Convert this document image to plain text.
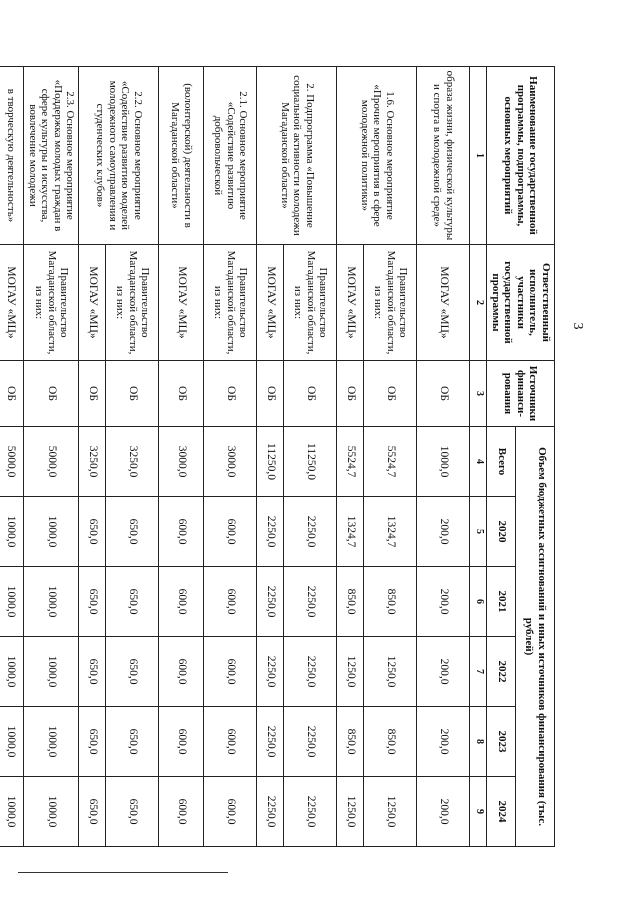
3
Наименование государственной программы, подпрограммы, основных мероприятий	Ответственный исполнитель, участники государственной программы	Источники финанси-рования	Объем бюджетных ассигнований и иных источников финансирования (тыс. рублей)					
			Всего	2020	2021	2022	2023	2024
1	2	3	4	5	6	7	8	9
образа жизни, физической культуры и спорта в молодежной среде»	МОГАУ «МЦ»	ОБ	1000,0	200,0	200,0	200,0	200,0	200,0
1.6. Основное мероприятие «Прочие мероприятия в сфере молодежной политики»	Правительство Магаданской области, из них:	ОБ	5524,7	1324,7	850,0	1250,0	850,0	1250,0
	МОГАУ «МЦ»	ОБ	5524,7	1324,7	850,0	1250,0	850,0	1250,0
2. Подпрограмма «Повышение социальной активности молодежи Магаданской области»	Правительство Магаданской области, из них:	ОБ	11250,0	2250,0	2250,0	2250,0	2250,0	2250,0
	МОГАУ «МЦ»	ОБ	11250,0	2250,0	2250,0	2250,0	2250,0	2250,0
2.1. Основное мероприятие «Содействие развитию добровольческой	Правительство Магаданской области, из них:	ОБ	3000,0	600,0	600,0	600,0	600,0	600,0
(волонтерской) деятельности в Магаданской области»	МОГАУ «МЦ»	ОБ	3000,0	600,0	600,0	600,0	600,0	600,0
2.2. Основное мероприятие «Содействие развитию моделей молодежного самоуправления и студенческих клубов»	Правительство Магаданской области, из них:	ОБ	3250,0	650,0	650,0	650,0	650,0	650,0
	МОГАУ «МЦ»	ОБ	3250,0	650,0	650,0	650,0	650,0	650,0
2.3. Основное мероприятие «Поддержка молодых граждан в сфере культуры и искусства, вовлечение молодежи	Правительство Магаданской области, из них:	ОБ	5000,0	1000,0	1000,0	1000,0	1000,0	1000,0
в творческую деятельность»	МОГАУ «МЦ»	ОБ	5000,0	1000,0	1000,0	1000,0	1000,0	1000,0
